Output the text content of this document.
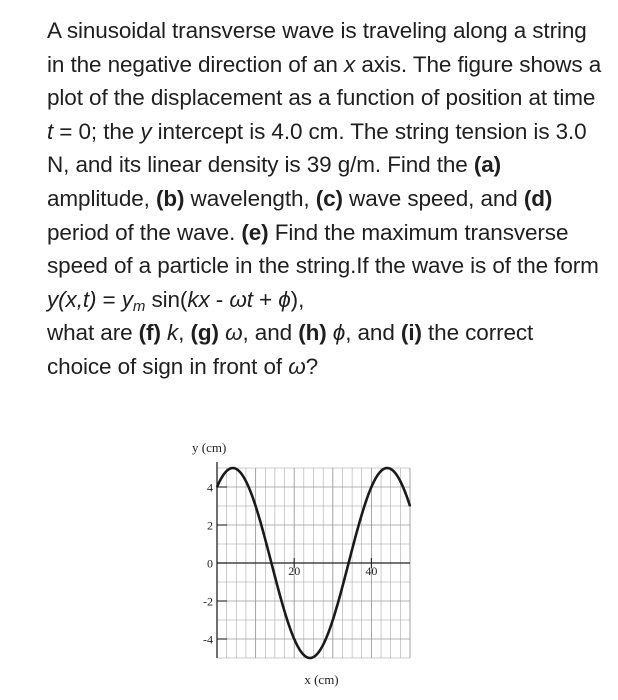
A sinusoidal transverse wave is traveling along a string in the negative direction of an x axis. The figure shows a plot of the displacement as a function of position at time t = 0; the y intercept is 4.0 cm. The string tension is 3.0 N, and its linear density is 39 g/m. Find the (a) amplitude, (b) wavelength, (c) wave speed, and (d) period of the wave. (e) Find the maximum transverse speed of a particle in the string.If the wave is of the form
$y(x,t) = y_m$ sin(kx - ωt + ϕ),
what are (f) k, (g) ω, and (h) ϕ, and (i) the correct choice of sign in front of ω?

4
2
0
-2
-4
20	40
y (cm)
x (cm)
